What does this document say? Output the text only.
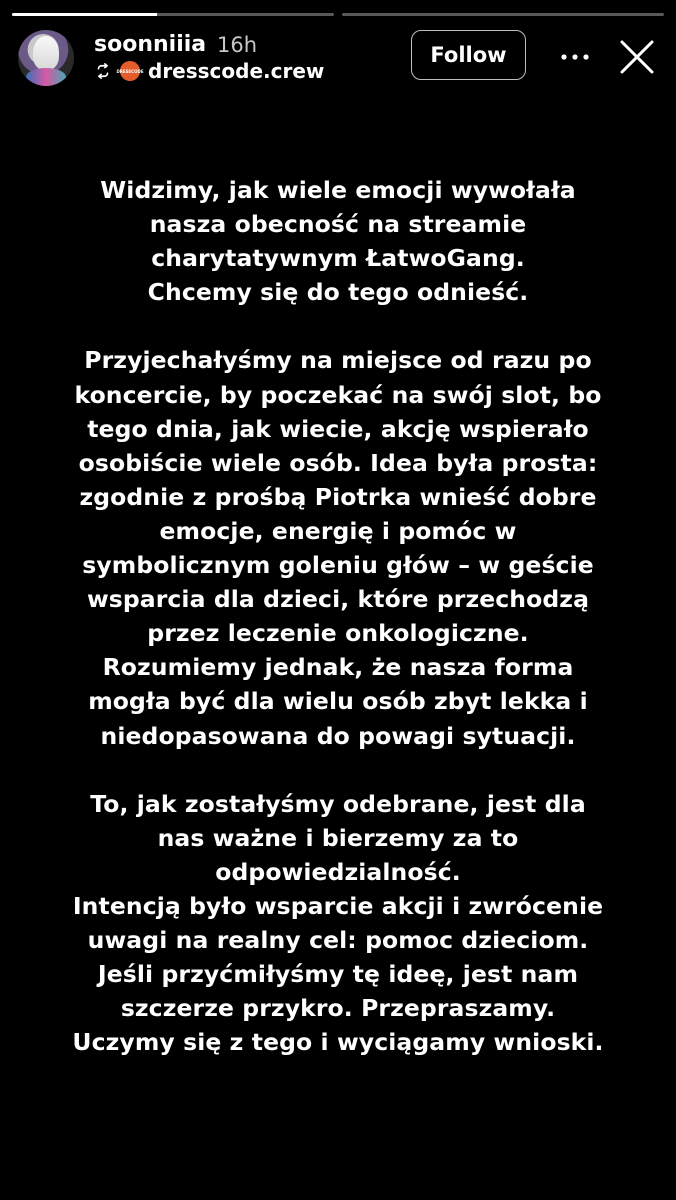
soonniiia 16h
DRESSCODE dresscode.crew
Follow
Widzimy, jak wiele emocji wywołała
nasza obecność na streamie
charytatywnym ŁatwoGang.
Chcemy się do tego odnieść.
Przyjechałyśmy na miejsce od razu po
koncercie, by poczekać na swój slot, bo
tego dnia, jak wiecie, akcję wspierało
osobiście wiele osób. Idea była prosta:
zgodnie z prośbą Piotrka wnieść dobre
emocje, energię i pomóc w
symbolicznym goleniu głów – w geście
wsparcia dla dzieci, które przechodzą
przez leczenie onkologiczne.
Rozumiemy jednak, że nasza forma
mogła być dla wielu osób zbyt lekka i
niedopasowana do powagi sytuacji.
To, jak zostałyśmy odebrane, jest dla
nas ważne i bierzemy za to
odpowiedzialność.
Intencją było wsparcie akcji i zwrócenie
uwagi na realny cel: pomoc dzieciom.
Jeśli przyćmiłyśmy tę ideę, jest nam
szczerze przykro. Przepraszamy.
Uczymy się z tego i wyciągamy wnioski.
